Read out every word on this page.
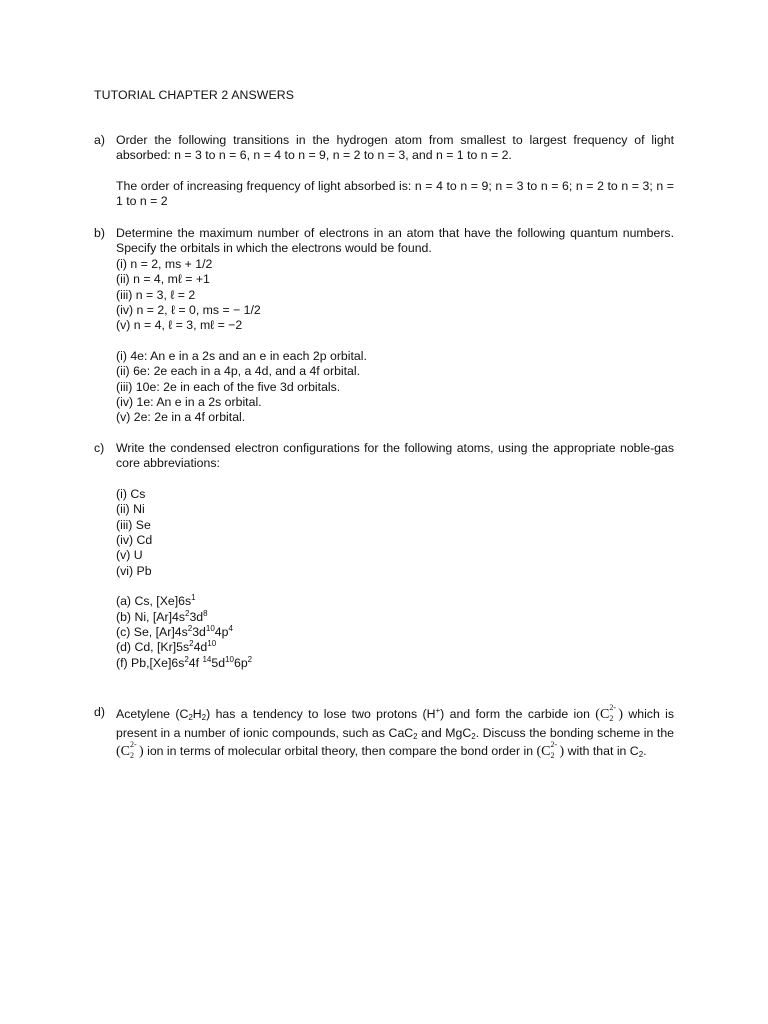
TUTORIAL CHAPTER 2 ANSWERS
a) Order the following transitions in the hydrogen atom from smallest to largest frequency of light absorbed: n = 3 to n = 6, n = 4 to n = 9, n = 2 to n = 3, and n = 1 to n = 2.
The order of increasing frequency of light absorbed is: n = 4 to n = 9; n = 3 to n = 6; n = 2 to n = 3; n = 1 to n = 2
b) Determine the maximum number of electrons in an atom that have the following quantum numbers. Specify the orbitals in which the electrons would be found.
(i) n = 2, ms + 1/2
(ii) n = 4, mℓ = +1
(iii) n = 3, ℓ = 2
(iv) n = 2, ℓ = 0, ms = − 1/2
(v) n = 4, ℓ = 3, mℓ = −2
(i) 4e: An e in a 2s and an e in each 2p orbital.
(ii) 6e: 2e each in a 4p, a 4d, and a 4f orbital.
(iii) 10e: 2e in each of the five 3d orbitals.
(iv) 1e: An e in a 2s orbital.
(v) 2e: 2e in a 4f orbital.
c) Write the condensed electron configurations for the following atoms, using the appropriate noble-gas core abbreviations:
(i) Cs
(ii) Ni
(iii) Se
(iv) Cd
(v) U
(vi) Pb
(a) Cs, $[Xe]6s^1$
(b) Ni, $[Ar]4s^23d^8$
(c) Se, $[Ar]4s^23d^{10}4p^4$
(d) Cd, $[Kr]5s^24d^{10}$
(f) $Pb,[Xe]6s^24f$ $^{14}5d^{10}6p^2$
d) Acetylene $(C_2H_2)$ has a tendency to lose two protons (H+) and form the carbide ion (C 2-
2 ) which is present in a number of ionic compounds, such as CaC$_2$ and MgC$_2$. Discuss the bonding scheme in the (C 2-
2 ) ion in terms of molecular orbital theory, then compare the bond order in (C 2-
2 ) with that in $C_2$.
